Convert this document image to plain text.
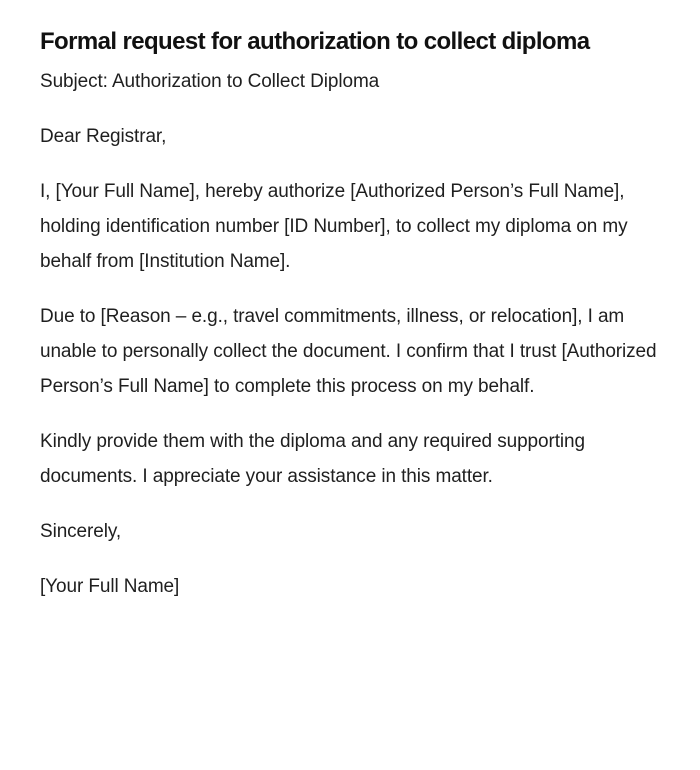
Formal request for authorization to collect diploma

Subject: Authorization to Collect Diploma

Dear Registrar,

I, [Your Full Name], hereby authorize [Authorized Person’s Full Name], holding identification number [ID Number], to collect my diploma on my behalf from [Institution Name].

Due to [Reason – e.g., travel commitments, illness, or relocation], I am unable to personally collect the document. I confirm that I trust [Authorized Person’s Full Name] to complete this process on my behalf.

Kindly provide them with the diploma and any required supporting documents. I appreciate your assistance in this matter.

Sincerely,

[Your Full Name]
